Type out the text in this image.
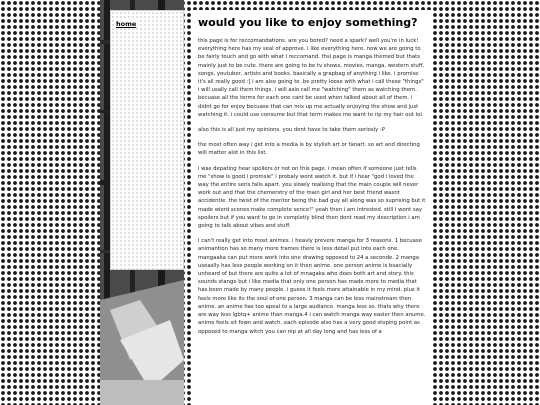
home	would you like to enjoy something?

this page is for reccomandations. are you bored? need a spark? well you're in luck! everything here has my seal of approve. i like everything here. now we are going to be fairly touch and go with what i reccomand. thsi page is manga themed but thats mainly just to be cute. there are going to be tv shows, movies, manga, western stuff, songs, youtuber, artists and books. basically a grapbag of anything i like. i promise it's all really good :] i am also going to .be pretty loose with what i call these "things" i will usally call them things. i will aslo call me "watching" them as watching them. becuase all the terms for each one cant be used when talked about all of them. i didnt go for enjoy becuase that can mix up me actually enjoying the show and just watching it. i could use consume but that term makes me want to rip my hair out lol.

also this is all just my opinions. you dont have to take them seriosly :P

the most often way i get into a media is by stylish art or fanart. so art and directing will matter alot in this list.

i was depating hear spoilers or not on this page. i mean often if someone just tells me "show is good i promsie" i probaly wont watch it. but if i hear "god i loved the way the entire seris falls apart. you slowly realising that the main couple will never work out and that the chemerstry of the main girl and her best friend wasnt accidentle. the twist of the mentor being the bad guy all along was so suprising but it made wierd scenes make complete sence!" yeah then i am intrested. still i wont say spoilers but if you want to go in completly blind then dont read my description i am going to talk about vibes and stuff.

I can't really get into most animes. i heavly prevere manga for 3 reasons. 1 becuase animantion has so many more frames there is less detail put into each one. mangaaka can put more work into one drawing opposed to 24 a seconde. 2 manga useaslly has less people working on it then anime. one person anime is bsacially unheard of but there are quite a lot of mnagaka who does both art and story. this sounds stange but i like media that only one person has made more to media that has been made by many people. i guess it feels more attainable in my mind. plus it feels more like its the soul of one person. 3 manga can be less mainstream then anime. an anime has too apeal to a large audiance. manga less so. thats why there are way less lgbtq+ anime than manga.4 i can watch manga way easier then anume. anime feels sit fown and watch. each episode also has a very good stoping point as opposed to manga witch you can nip at all day long and has less of a
